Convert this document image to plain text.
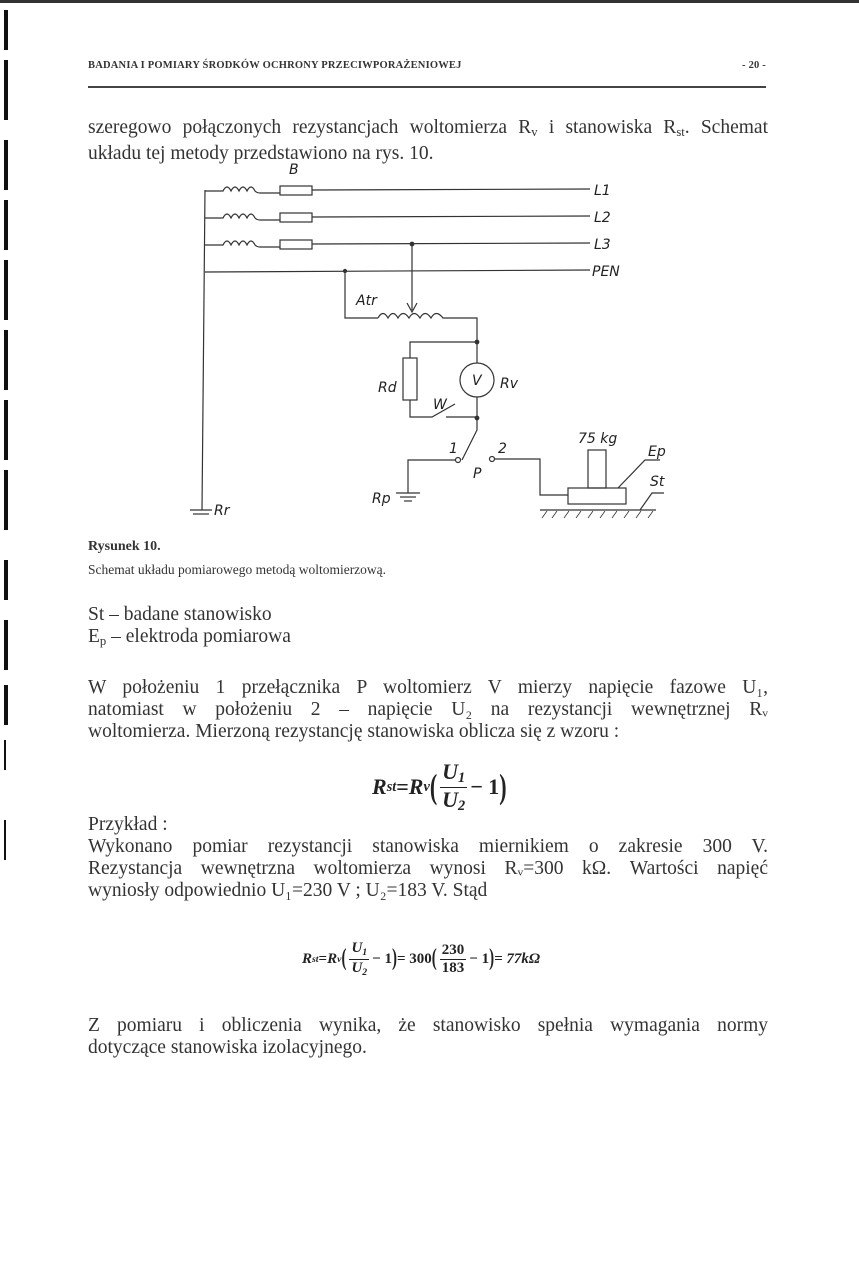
BADANIA I POMIARY ŚRODKÓW OCHRONY PRZECIWPORAŻENIOWEJ	- 20 -
szeregowo połączonych rezystancjach woltomierza $R_v$ i stanowiska $R_{st}$. Schemat
układu tej metody przedstawiono na rys. 10.
B
L1
L2
L3
PEN
Atr
Rd	V Rv
W
1	2
P
Rp
Rr
75 kg
Ep
St
Rysunek 10.
Schemat układu pomiarowego metodą woltomierzową.
St – badane stanowisko
$E_p$ – elektroda pomiarowa
W położeniu 1 przełącznika P woltomierz V mierzy napięcie fazowe U₁,
natomiast w położeniu 2 – napięcie U₂ na rezystancji wewnętrznej Rᵥ
woltomierza. Mierzoną rezystancję stanowiska oblicza się z wzoru :
R st = R v ( $\frac{U_1}{U_2} - 1$ )
Przykład :
Wykonano pomiar rezystancji stanowiska miernikiem o zakresie 300 V.
Rezystancja wewnętrzna woltomierza wynosi Rᵥ=300 kΩ. Wartości napięć
wyniosły odpowiednio U₁=230 V ; U₂=183 V. Stąd
R st = R v ( $\frac{U_1}{U_2} - 1$ ) = 300 ( $\frac{230}{183} - 1$ ) = 77kΩ
Z pomiaru i obliczenia wynika, że stanowisko spełnia wymagania normy
dotyczące stanowiska izolacyjnego.
